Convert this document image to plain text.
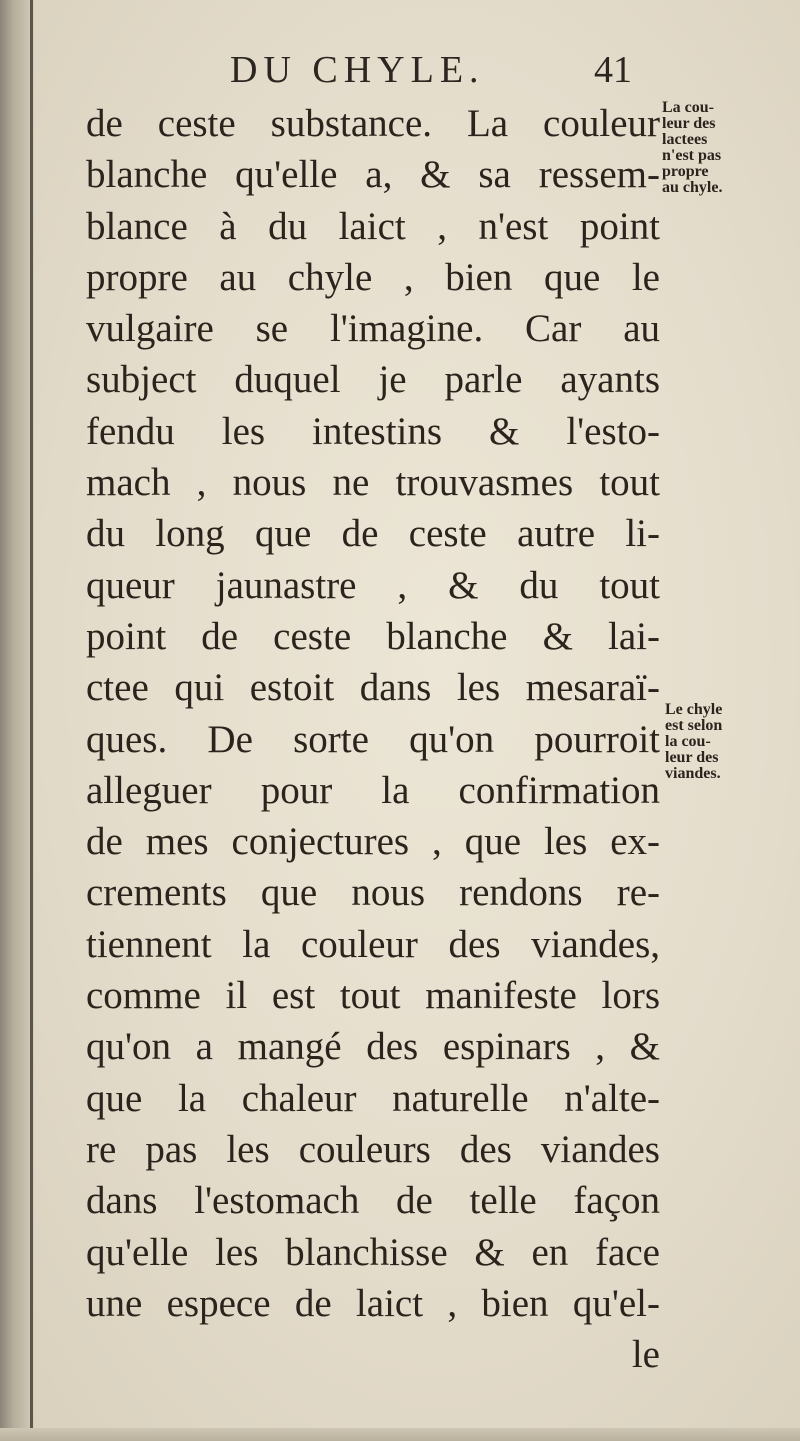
DU CHYLE.	41
de ceste substance. La couleur
blanche qu'elle a, & sa ressem-
blance à du laict , n'est point
propre au chyle , bien que le
vulgaire se l'imagine. Car au
subject duquel je parle ayants
fendu les intestins & l'esto-
mach , nous ne trouvasmes tout
du long que de ceste autre li-
queur jaunastre , & du tout
point de ceste blanche & lai-
ctee qui estoit dans les mesaraï-
ques. De sorte qu'on pourroit
alleguer pour la confirmation
de mes conjectures , que les ex-
crements que nous rendons re-
tiennent la couleur des viandes,
comme il est tout manifeste lors
qu'on a mangé des espinars , &
que la chaleur naturelle n'alte-
re pas les couleurs des viandes
dans l'estomach de telle façon
qu'elle les blanchisse & en face
une espece de laict , bien qu'el-
le
La cou-
leur des
lactees
n'est pas
propre
au chyle.
Le chyle
est selon
la cou-
leur des
viandes.
